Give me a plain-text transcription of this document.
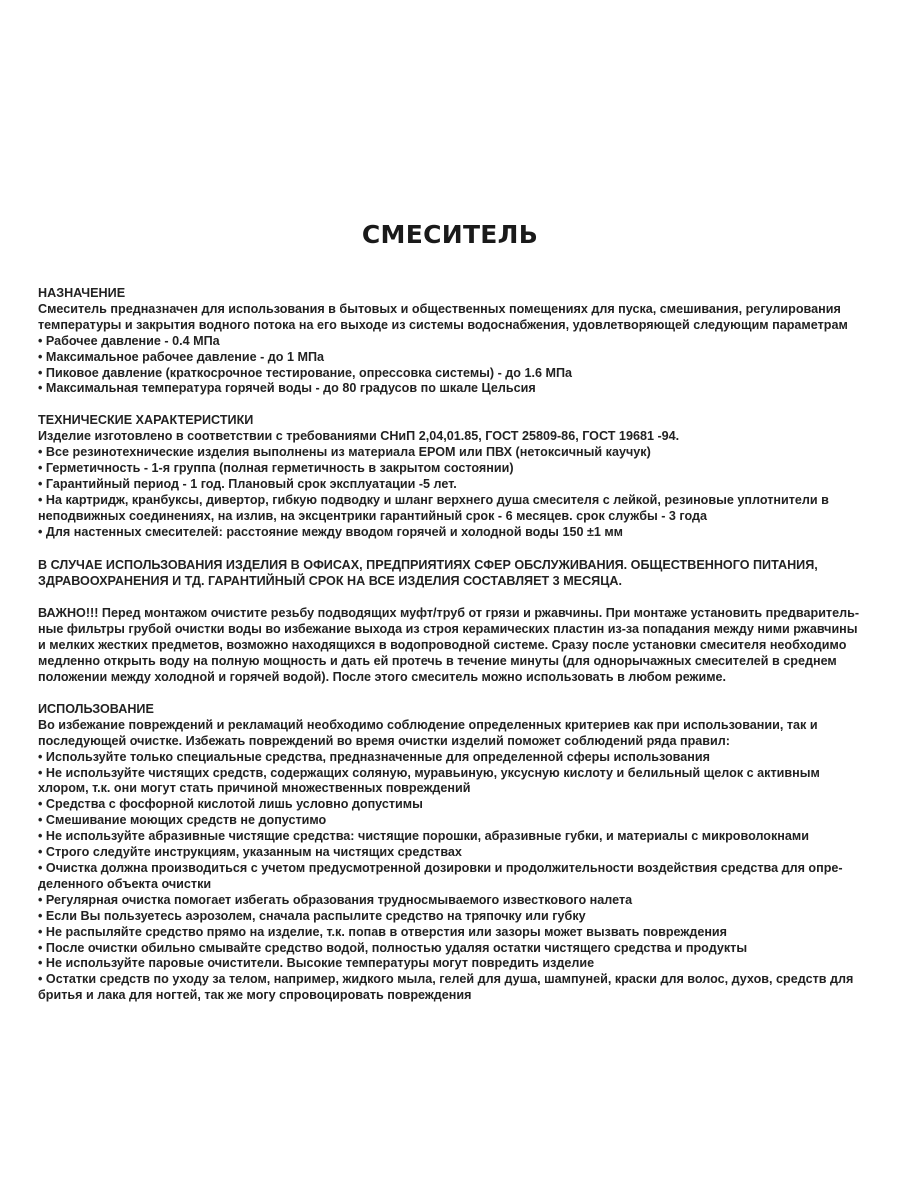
СМЕСИТЕЛЬ
НАЗНАЧЕНИЕ
Смеситель предназначен для использования в бытовых и общественных помещениях для пуска, смешивания, регулирования
температуры и закрытия водного потока на его выходе из системы водоснабжения, удовлетворяющей следующим параметрам
• Рабочее давление - 0.4 МПа
• Максимальное рабочее давление - до 1 МПа
• Пиковое давление (краткосрочное тестирование, опрессовка системы) - до 1.6 МПа
• Максимальная температура горячей воды - до 80 градусов по шкале Цельсия
ТЕХНИЧЕСКИЕ ХАРАКТЕРИСТИКИ
Изделие изготовлено в соответствии с требованиями СНиП 2,04,01.85, ГОСТ 25809-86, ГОСТ 19681 -94.
• Все резинотехнические изделия выполнены из материала ЕРОМ или ПВХ (нетоксичный каучук)
• Герметичность - 1-я группа (полная герметичность в закрытом состоянии)
• Гарантийный период - 1 год. Плановый срок эксплуатации -5 лет.
• На картридж, кранбуксы, дивертор, гибкую подводку и шланг верхнего душа смесителя с лейкой, резиновые уплотнители в
неподвижных соединениях, на излив, на эксцентрики гарантийный срок - 6 месяцев. срок службы - 3 года
• Для настенных смесителей: расстояние между вводом горячей и холодной воды 150 ±1 мм
В СЛУЧАЕ ИСПОЛЬЗОВАНИЯ ИЗДЕЛИЯ В ОФИСАХ, ПРЕДПРИЯТИЯХ СФЕР ОБСЛУЖИВАНИЯ. ОБЩЕСТВЕННОГО ПИТАНИЯ,
ЗДРАВООХРАНЕНИЯ И ТД. ГАРАНТИЙНЫЙ СРОК НА ВСЕ ИЗДЕЛИЯ СОСТАВЛЯЕТ 3 МЕСЯЦА.
ВАЖНО!!! Перед монтажом очистите резьбу подводящих муфт/труб от грязи и ржавчины. При монтаже установить предваритель-
ные фильтры грубой очистки воды во избежание выхода из строя керамических пластин из-за попадания между ними ржавчины
и мелких жестких предметов, возможно находящихся в водопроводной системе. Сразу после установки смесителя необходимо
медленно открыть воду на полную мощность и дать ей протечь в течение минуты (для однорычажных смесителей в среднем
положении между холодной и горячей водой). После этого смеситель можно использовать в любом режиме.
ИСПОЛЬЗОВАНИЕ
Во избежание повреждений и рекламаций необходимо соблюдение определенных критериев как при использовании, так и
последующей очистке. Избежать повреждений во время очистки изделий поможет соблюдений ряда правил:
• Используйте только специальные средства, предназначенные для определенной сферы использования
• Не используйте чистящих средств, содержащих соляную, муравьиную, уксусную кислоту и белильный щелок с активным
хлором, т.к. они могут стать причиной множественных повреждений
• Средства с фосфорной кислотой лишь условно допустимы
• Смешивание моющих средств не допустимо
• Не используйте абразивные чистящие средства: чистящие порошки, абразивные губки, и материалы с микроволокнами
• Строго следуйте инструкциям, указанным на чистящих средствах
• Очистка должна производиться с учетом предусмотренной дозировки и продолжительности воздействия средства для опре-
деленного объекта очистки
• Регулярная очистка помогает избегать образования трудносмываемого известкового налета
• Если Вы пользуетесь аэрозолем, сначала распылите средство на тряпочку или губку
• Не распыляйте средство прямо на изделие, т.к. попав в отверстия или зазоры может вызвать повреждения
• После очистки обильно смывайте средство водой, полностью удаляя остатки чистящего средства и продукты
• Не используйте паровые очистители. Высокие температуры могут повредить изделие
• Остатки средств по уходу за телом, например, жидкого мыла, гелей для душа, шампуней, краски для волос, духов, средств для
бритья и лака для ногтей, так же могу спровоцировать повреждения
